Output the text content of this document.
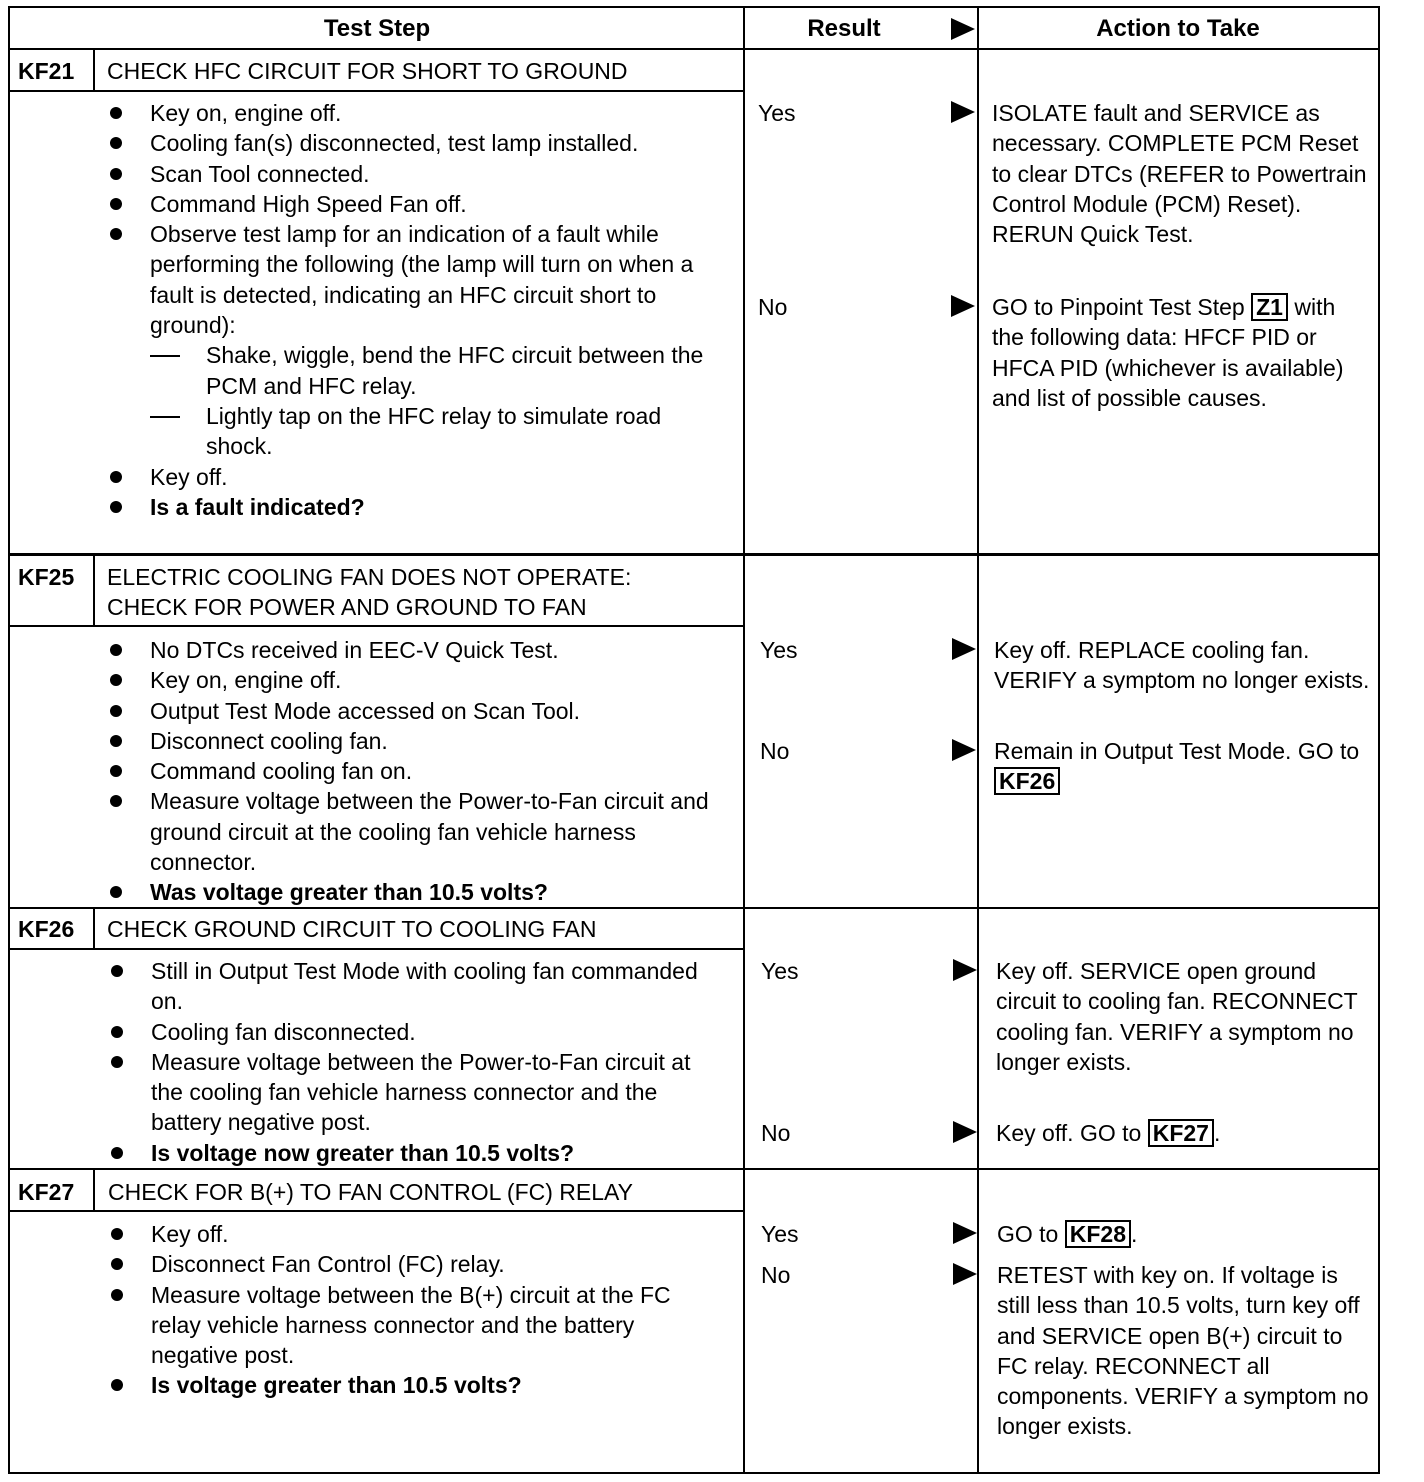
Test Step	Result	Action to Take
KF21 CHECK HFC CIRCUIT FOR SHORT TO GROUND
Key on, engine off.
Cooling fan(s) disconnected, test lamp installed.
Scan Tool connected.
Command High Speed Fan off.
Observe test lamp for an indication of a fault while performing the following (the lamp will turn on when a fault is detected, indicating an HFC circuit short to ground):
Shake, wiggle, bend the HFC circuit between the PCM and HFC relay.
Lightly tap on the HFC relay to simulate road shock.
Key off.
Is a fault indicated?
Yes	ISOLATE fault and SERVICE as necessary. COMPLETE PCM Reset to clear DTCs (REFER to Powertrain Control Module (PCM) Reset). RERUN Quick Test.
No	GO to Pinpoint Test Step Z1 with the following data: HFCF PID or HFCA PID (whichever is available) and list of possible causes.
KF25 ELECTRIC COOLING FAN DOES NOT OPERATE:
CHECK FOR POWER AND GROUND TO FAN
No DTCs received in EEC-V Quick Test.
Key on, engine off.
Output Test Mode accessed on Scan Tool.
Disconnect cooling fan.
Command cooling fan on.
Measure voltage between the Power-to-Fan circuit and ground circuit at the cooling fan vehicle harness connector.
Was voltage greater than 10.5 volts?
Yes	Key off. REPLACE cooling fan. VERIFY a symptom no longer exists.
No	Remain in Output Test Mode. GO to KF26
KF26 CHECK GROUND CIRCUIT TO COOLING FAN
Still in Output Test Mode with cooling fan commanded on.
Cooling fan disconnected.
Measure voltage between the Power-to-Fan circuit at the cooling fan vehicle harness connector and the battery negative post.
Is voltage now greater than 10.5 volts?
Yes	Key off. SERVICE open ground circuit to cooling fan. RECONNECT cooling fan. VERIFY a symptom no longer exists.
No	Key off. GO to KF27 .
KF27 CHECK FOR B(+) TO FAN CONTROL (FC) RELAY
Key off.
Disconnect Fan Control (FC) relay.
Measure voltage between the B(+) circuit at the FC relay vehicle harness connector and the battery negative post.
Is voltage greater than 10.5 volts?
Yes	GO to KF28 .
No	RETEST with key on. If voltage is still less than 10.5 volts, turn key off and SERVICE open B(+) circuit to FC relay. RECONNECT all components. VERIFY a symptom no longer exists.
